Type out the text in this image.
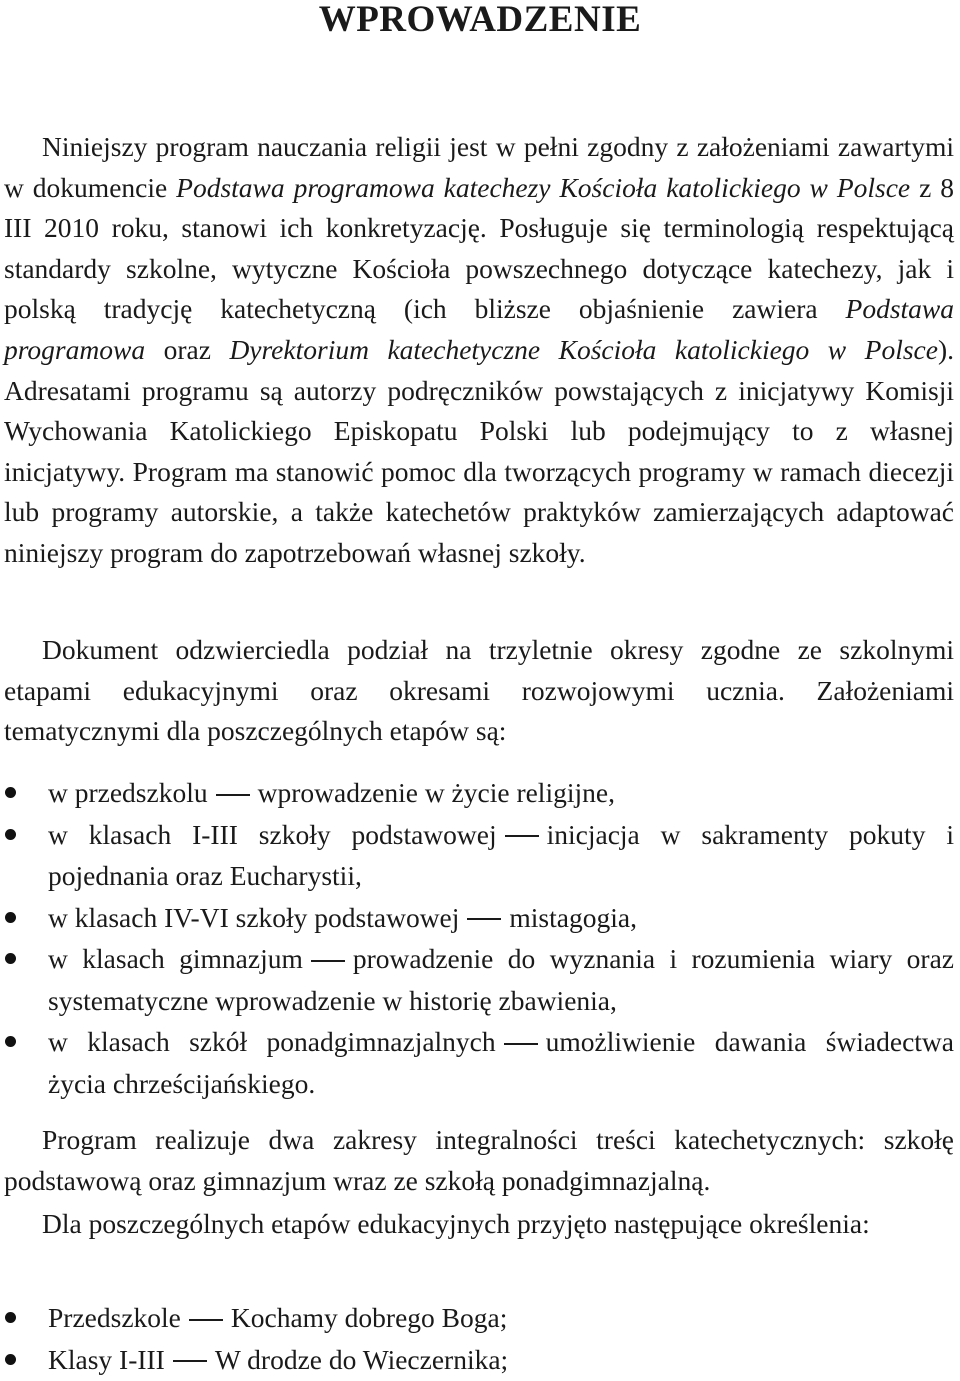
WPROWADZENIE

Niniejszy program nauczania religii jest w pełni zgodny z założeniami zawartymi w dokumencie Podstawa programowa katechezy Kościoła katolickiego w Polsce z 8 III 2010 roku, stanowi ich konkretyzację. Posługuje się terminologią respektującą standardy szkolne, wytyczne Kościoła powszechnego dotyczące katechezy, jak i polską tradycję katechetyczną (ich bliższe objaśnienie zawiera Podstawa programowa oraz Dyrektorium katechetyczne Kościoła katolickiego w Polsce). Adresatami programu są autorzy podręczników powstających z inicjatywy Komisji Wychowania Katolickiego Episkopatu Polski lub podejmujący to z własnej inicjatywy. Program ma stanowić pomoc dla tworzących programy w ramach diecezji lub programy autorskie, a także katechetów praktyków zamierzających adaptować niniejszy program do zapotrzebowań własnej szkoły.

Dokument odzwierciedla podział na trzyletnie okresy zgodne ze szkolnymi etapami edukacyjnymi oraz okresami rozwojowymi ucznia. Założeniami tematycznymi dla poszczególnych etapów są:

w przedszkolu wprowadzenie w życie religijne,
w klasach I-III szkoły podstawowej inicjacja w sakramenty pokuty i pojednania oraz Eucharystii,
w klasach IV-VI szkoły podstawowej mistagogia,
w klasach gimnazjum prowadzenie do wyznania i rozumienia wiary oraz systematyczne wprowadzenie w historię zbawienia,
w klasach szkół ponadgimnazjalnych umożliwienie dawania świadectwa życia chrześcijańskiego.

Program realizuje dwa zakresy integralności treści katechetycznych: szkołę podstawową oraz gimnazjum wraz ze szkołą ponadgimnazjalną.

Dla poszczególnych etapów edukacyjnych przyjęto następujące określenia:

Przedszkole Kochamy dobrego Boga;
Klasy I-III W drodze do Wieczernika;
